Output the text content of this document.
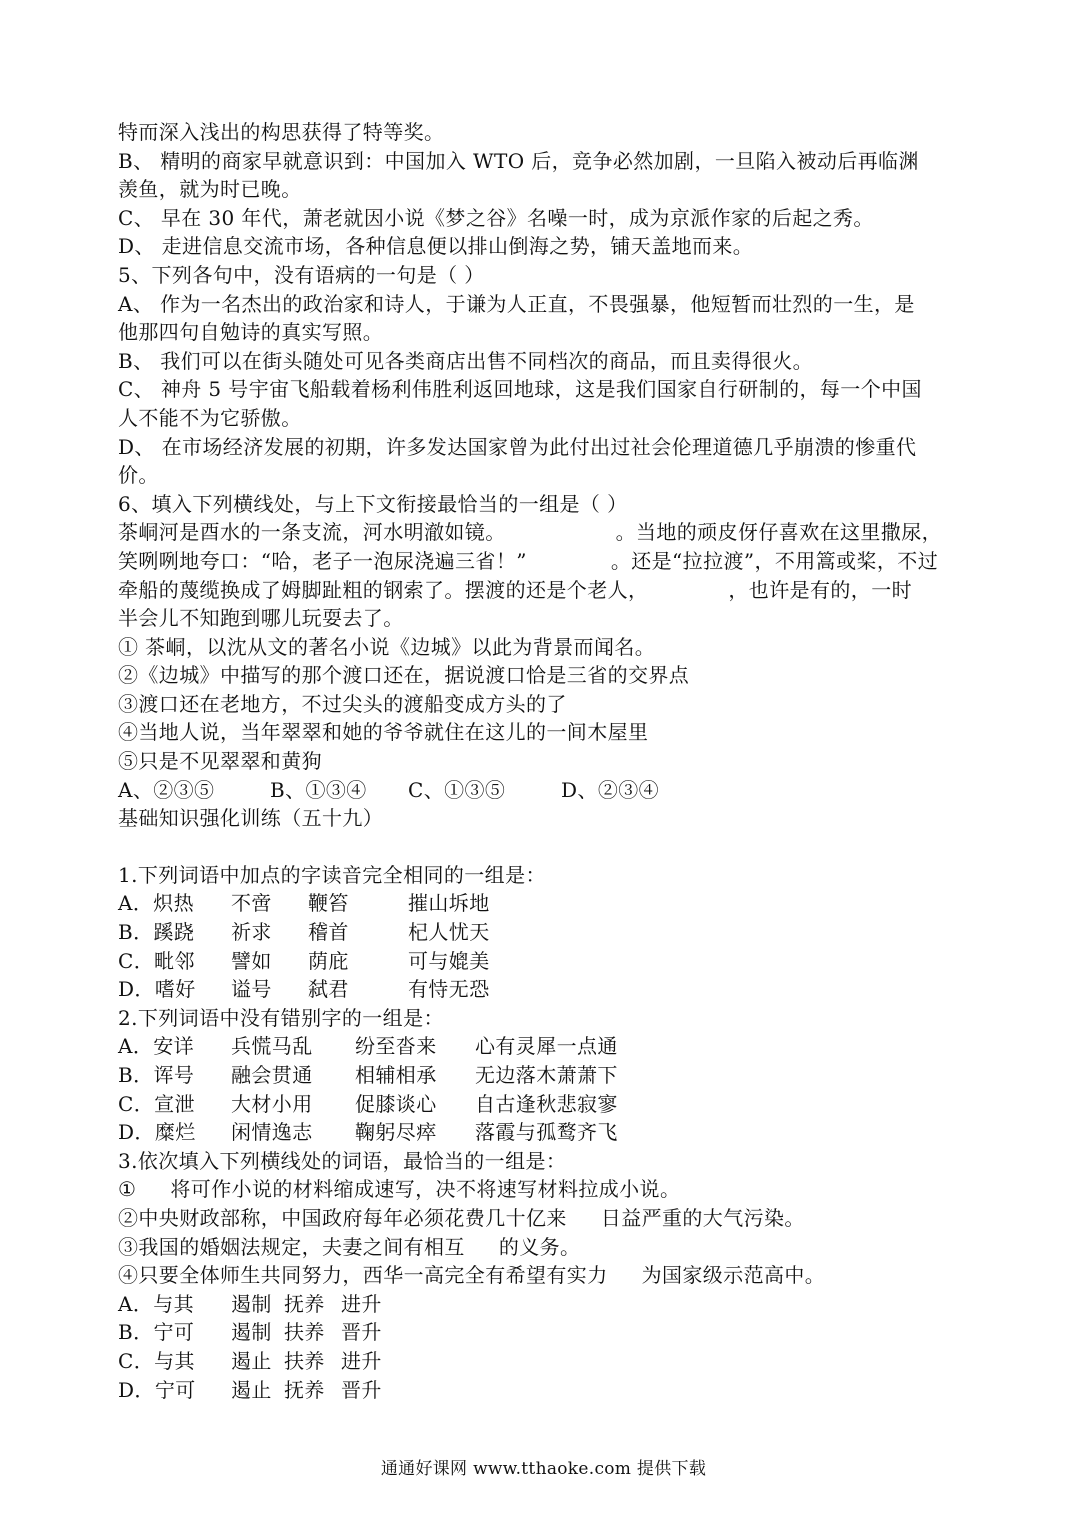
特而深入浅出的构思获得了特等奖。
B、 精明的商家早就意识到：中国加入 WTO 后，竞争必然加剧，一旦陷入被动后再临渊
羡鱼，就为时已晚。
C、 早在 30 年代，萧老就因小说《梦之谷》名噪一时，成为京派作家的后起之秀。
D、 走进信息交流市场，各种信息便以排山倒海之势，铺天盖地而来。
5、下列各句中，没有语病的一句是（ ）
A、 作为一名杰出的政治家和诗人，于谦为人正直，不畏强暴，他短暂而壮烈的一生，是
他那四句自勉诗的真实写照。
B、 我们可以在街头随处可见各类商店出售不同档次的商品，而且卖得很火。
C、 神舟 5 号宇宙飞船载着杨利伟胜利返回地球，这是我们国家自行研制的，每一个中国
人不能不为它骄傲。
D、 在市场经济发展的初期，许多发达国家曾为此付出过社会伦理道德几乎崩溃的惨重代
价。
6、填入下列横线处，与上下文衔接最恰当的一组是（ ）
茶峒河是酉水的一条支流，河水明澈如镜。	。当地的顽皮伢仔喜欢在这里撒尿，
笑咧咧地夸口：“哈，老子一泡尿浇遍三省！”	。还是“拉拉渡”，不用篙或桨，不过
牵船的蔑缆换成了姆脚趾粗的钢索了。摆渡的还是个老人，	，也许是有的，一时
半会儿不知跑到哪儿玩耍去了。
① 茶峒，以沈从文的著名小说《边城》以此为背景而闻名。
②《边城》中描写的那个渡口还在，据说渡口恰是三省的交界点
③渡口还在老地方，不过尖头的渡船变成方头的了
④当地人说，当年翠翠和她的爷爷就住在这儿的一间木屋里
⑤只是不见翠翠和黄狗
A、②③⑤	B、①③④ C、①③⑤	D、②③④
基础知识强化训练（五十九）
1.下列词语中加点的字读音完全相同的一组是：
A．炽热 不啻 鞭笞	摧山坼地
B．蹊跷 祈求 稽首	杞人忧天
C．毗邻 譬如 荫庇	可与媲美
D．嗜好 谥号 弑君	有恃无恐
2.下列词语中没有错别字的一组是：
A．安详 兵慌马乱 纷至沓来 心有灵犀一点通
B．诨号 融会贯通 相辅相承 无边落木萧萧下
C．宣泄 大材小用 促膝谈心 自古逢秋悲寂寥
D．糜烂 闲情逸志 鞠躬尽瘁 落霞与孤鹜齐飞
3.依次填入下列横线处的词语，最恰当的一组是：
① 将可作小说的材料缩成速写，决不将速写材料拉成小说。
②中央财政部称，中国政府每年必须花费几十亿来 日益严重的大气污染。
③我国的婚姻法规定，夫妻之间有相互 的义务。
④只要全体师生共同努力，西华一高完全有希望有实力 为国家级示范高中。
A．与其 遏制 抚养 进升
B．宁可 遏制 扶养 晋升
C．与其 遏止 扶养 进升
D．宁可 遏止 抚养 晋升
通通好课网 www.tthaoke.com 提供下载
